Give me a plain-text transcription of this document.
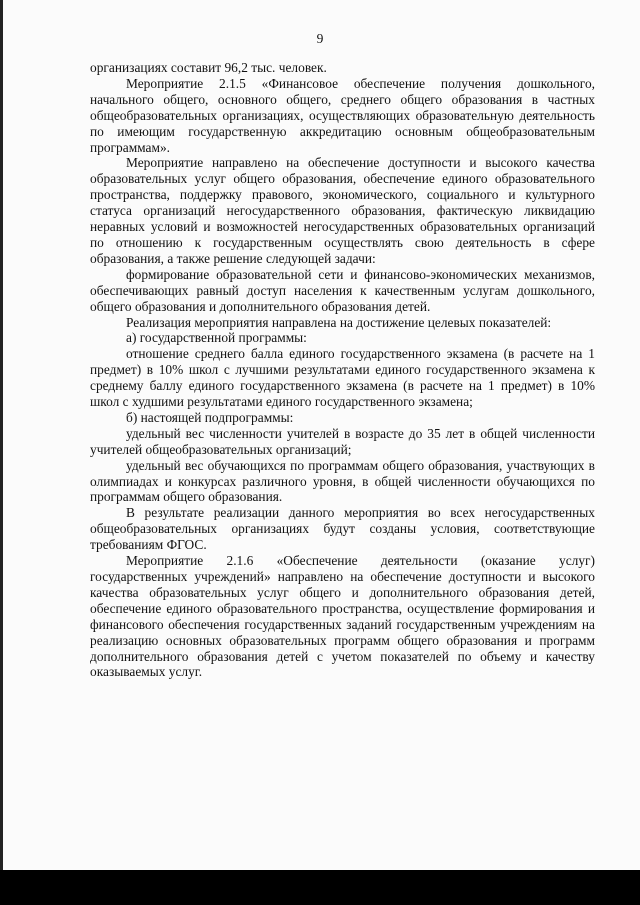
9

организациях составит 96,2 тыс. человек.

Мероприятие 2.1.5 «Финансовое обеспечение получения дошкольного, начального общего, основного общего, среднего общего образования в частных общеобразовательных организациях, осуществляющих образовательную деятельность по имеющим государственную аккредитацию основным общеобразовательным программам».

Мероприятие направлено на обеспечение доступности и высокого качества образовательных услуг общего образования, обеспечение единого образовательного пространства, поддержку правового, экономического, социального и культурного статуса организаций негосударственного образования, фактическую ликвидацию неравных условий и возможностей негосударственных образовательных организаций по отношению к государственным осуществлять свою деятельность в сфере образования, а также решение следующей задачи:

формирование образовательной сети и финансово-экономических механизмов, обеспечивающих равный доступ населения к качественным услугам дошкольного, общего образования и дополнительного образования детей.

Реализация мероприятия направлена на достижение целевых показателей:

а) государственной программы:

отношение среднего балла единого государственного экзамена (в расчете на 1 предмет) в 10% школ с лучшими результатами единого государственного экзамена к среднему баллу единого государственного экзамена (в расчете на 1 предмет) в 10% школ с худшими результатами единого государственного экзамена;

б) настоящей подпрограммы:

удельный вес численности учителей в возрасте до 35 лет в общей численности учителей общеобразовательных организаций;

удельный вес обучающихся по программам общего образования, участвующих в олимпиадах и конкурсах различного уровня, в общей численности обучающихся по программам общего образования.

В результате реализации данного мероприятия во всех негосударственных общеобразовательных организациях будут созданы условия, соответствующие требованиям ФГОС.

Мероприятие 2.1.6 «Обеспечение деятельности (оказание услуг) государственных учреждений» направлено на обеспечение доступности и высокого качества образовательных услуг общего и дополнительного образования детей, обеспечение единого образовательного пространства, осуществление формирования и финансового обеспечения государственных заданий государственным учреждениям на реализацию основных образовательных программ общего образования и программ дополнительного образования детей с учетом показателей по объему и качеству оказываемых услуг.
